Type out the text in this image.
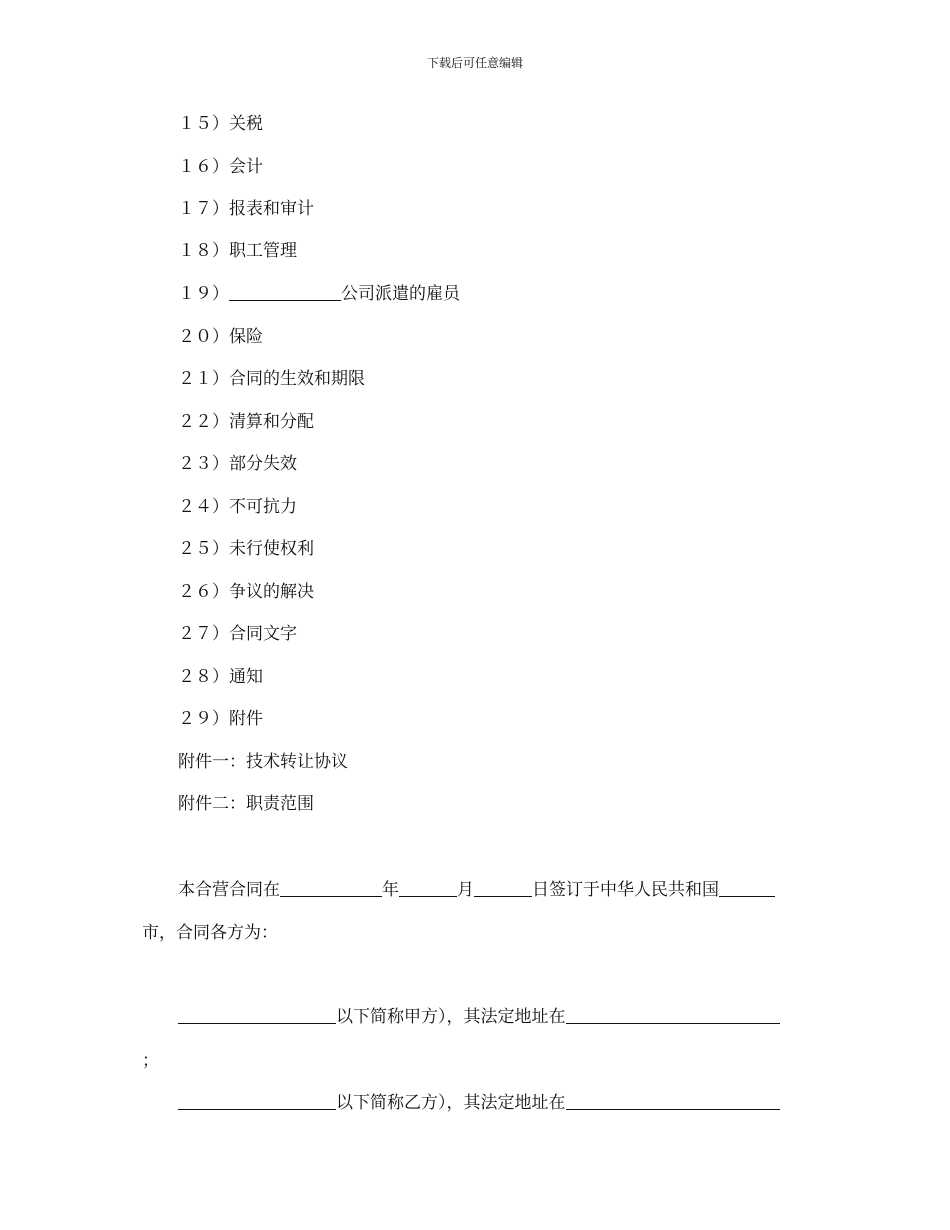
下载后可任意编辑
１５）关税
１６）会计
１７）报表和审计
１８）职工管理
１９）	公司派遣的雇员
２０）保险
２１）合同的生效和期限
２２）清算和分配
２３）部分失效
２４）不可抗力
２５）未行使权利
２６）争议的解决
２７）合同文字
２８）通知
２９）附件
附件一：技术转让协议
附件二：职责范围
本合营合同在	年	月	日签订于中华人民共和国
市，合同各方为：
以下简称甲方），其法定地址在
；
以下简称乙方），其法定地址在
